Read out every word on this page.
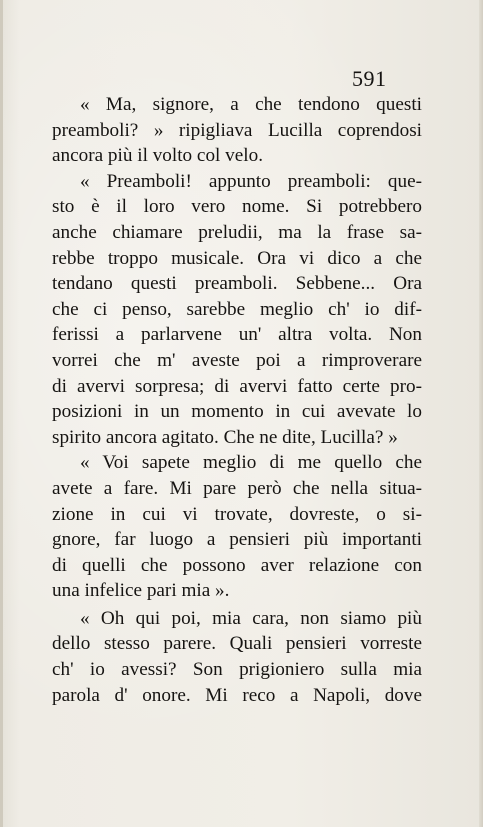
591
« Ma, signore, a che tendono questi
preamboli? » ripigliava Lucilla coprendosi
ancora più il volto col velo.
« Preamboli! appunto preamboli: que-
sto è il loro vero nome. Si potrebbero
anche chiamare preludii, ma la frase sa-
rebbe troppo musicale. Ora vi dico a che
tendano questi preamboli. Sebbene... Ora
che ci penso, sarebbe meglio ch' io dif-
ferissi a parlarvene un' altra volta. Non
vorrei che m' aveste poi a rimproverare
di avervi sorpresa; di avervi fatto certe pro-
posizioni in un momento in cui avevate lo
spirito ancora agitato. Che ne dite, Lucilla? »
« Voi sapete meglio di me quello che
avete a fare. Mi pare però che nella situa-
zione in cui vi trovate, dovreste, o si-
gnore, far luogo a pensieri più importanti
di quelli che possono aver relazione con
una infelice pari mia ».
« Oh qui poi, mia cara, non siamo più
dello stesso parere. Quali pensieri vorreste
ch' io avessi? Son prigioniero sulla mia
parola d' onore. Mi reco a Napoli, dove
